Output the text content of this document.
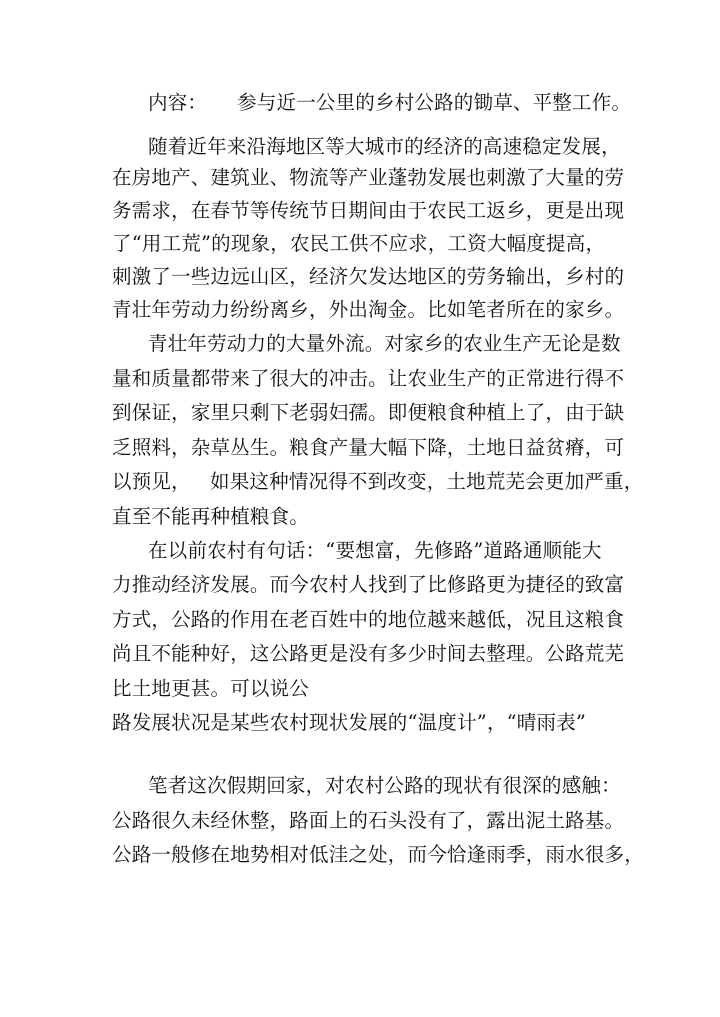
内容： 参与近一公里的乡村公路的锄草、平整工作。
随着近年来沿海地区等大城市的经济的高速稳定发展，
在房地产、建筑业、物流等产业蓬勃发展也刺激了大量的劳
务需求，在春节等传统节日期间由于农民工返乡，更是出现
了“用工荒”的现象，农民工供不应求，工资大幅度提高，
刺激了一些边远山区，经济欠发达地区的劳务输出，乡村的
青壮年劳动力纷纷离乡，外出淘金。比如笔者所在的家乡。
青壮年劳动力的大量外流。对家乡的农业生产无论是数
量和质量都带来了很大的冲击。让农业生产的正常进行得不
到保证，家里只剩下老弱妇孺。即便粮食种植上了，由于缺
乏照料，杂草丛生。粮食产量大幅下降，土地日益贫瘠，可
以预见，   如果这种情况得不到改变，土地荒芜会更加严重，
直至不能再种植粮食。
在以前农村有句话：“要想富，先修路”道路通顺能大
力推动经济发展。而今农村人找到了比修路更为捷径的致富
方式，公路的作用在老百姓中的地位越来越低，况且这粮食
尚且不能种好，这公路更是没有多少时间去整理。公路荒芜
比土地更甚。可以说公
路发展状况是某些农村现状发展的“温度计”，“晴雨表”
笔者这次假期回家，对农村公路的现状有很深的感触：
公路很久未经休整，路面上的石头没有了，露出泥土路基。
公路一般修在地势相对低洼之处，而今恰逢雨季，雨水很多，
